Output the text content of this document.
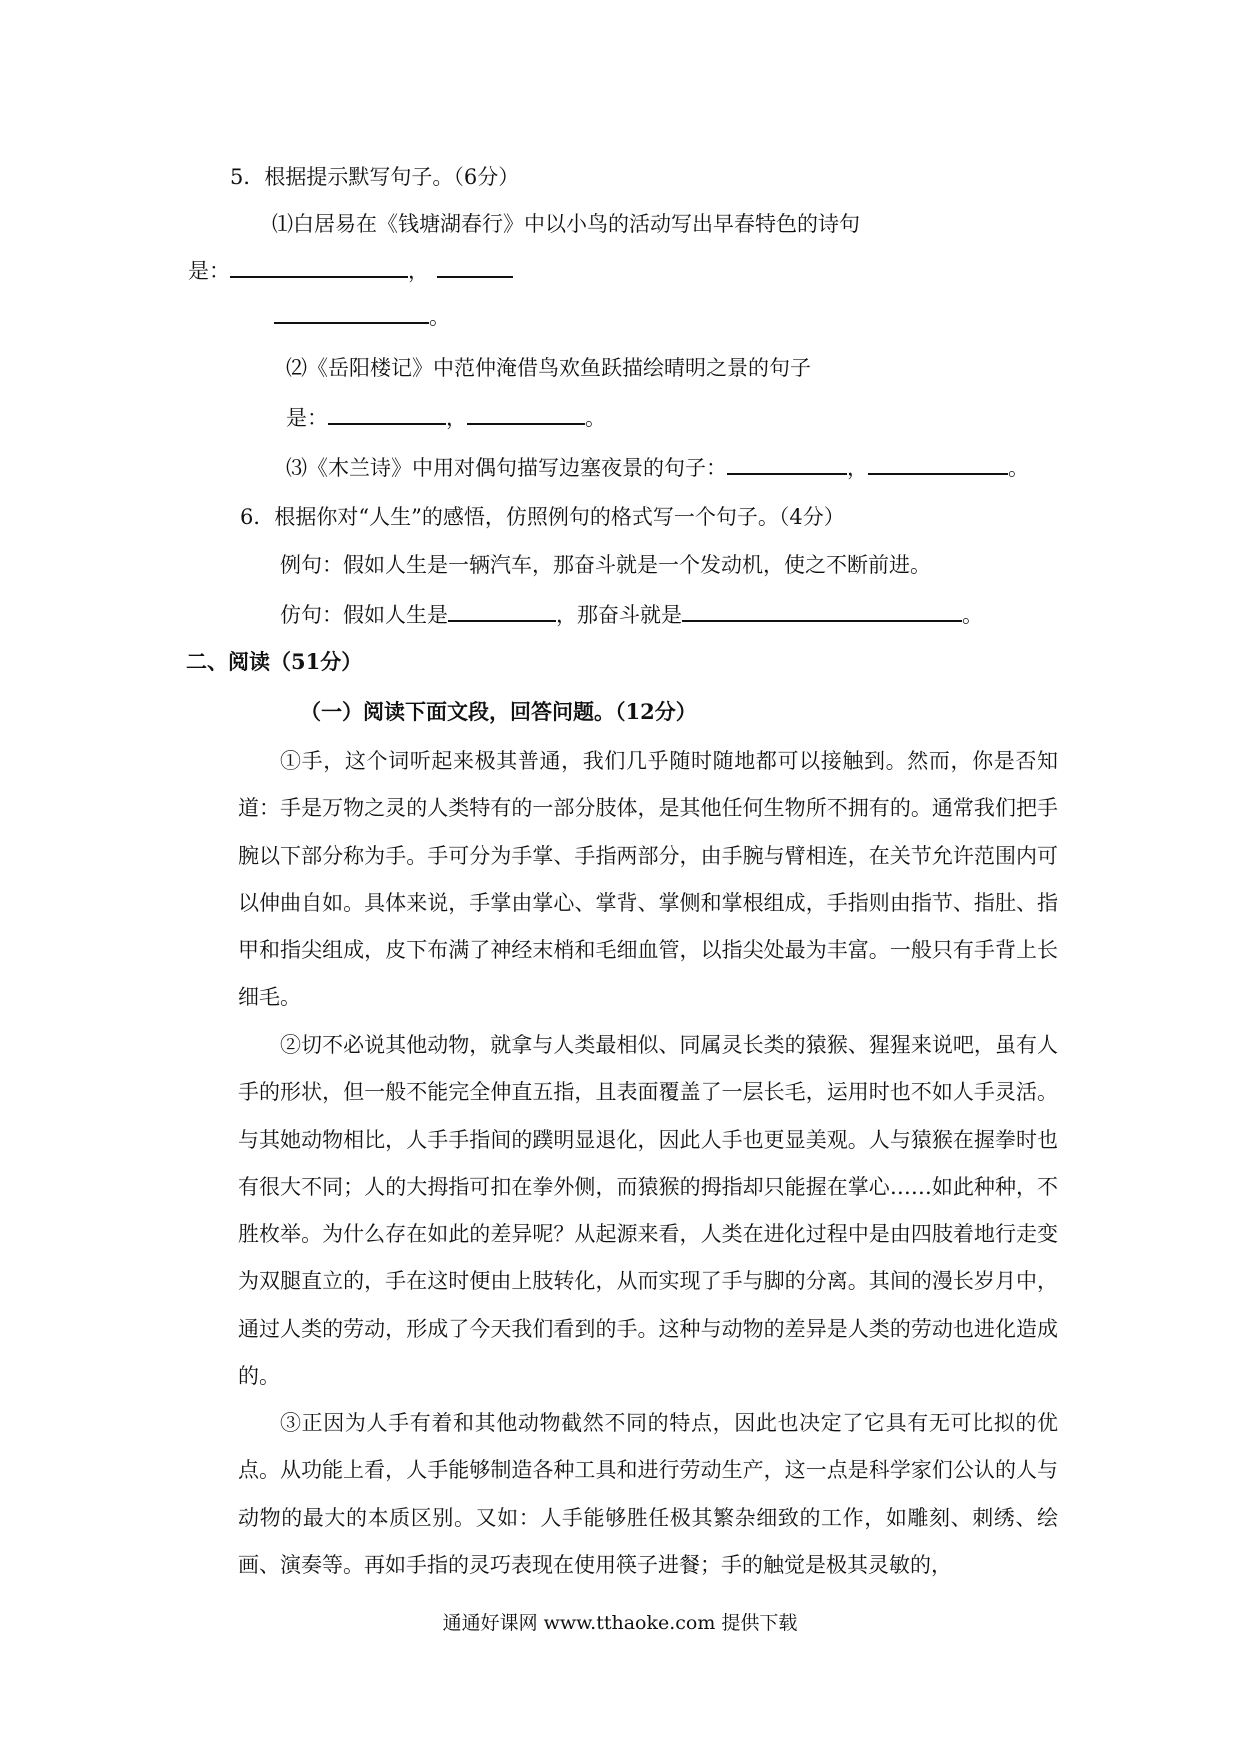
5．根据提示默写句子。（6分）
⑴白居易在《钱塘湖春行》中以小鸟的活动写出早春特色的诗句
是：	，
。
⑵《岳阳楼记》中范仲淹借鸟欢鱼跃描绘晴明之景的句子
是：	，	。
⑶《木兰诗》中用对偶句描写边塞夜景的句子：	，	。
6．根据你对“人生”的感悟，仿照例句的格式写一个句子。（4分）
例句：假如人生是一辆汽车，那奋斗就是一个发动机，使之不断前进。
仿句：假如人生是	，那奋斗就是	。
二、阅读（51分）
（一）阅读下面文段，回答问题。（12分）

①手，这个词听起来极其普通，我们几乎随时随地都可以接触到。然而，你是否知道：手是万物之灵的人类特有的一部分肢体，是其他任何生物所不拥有的。通常我们把手腕以下部分称为手。手可分为手掌、手指两部分，由手腕与臂相连，在关节允许范围内可以伸曲自如。具体来说，手掌由掌心、掌背、掌侧和掌根组成，手指则由指节、指肚、指甲和指尖组成，皮下布满了神经末梢和毛细血管，以指尖处最为丰富。一般只有手背上长细毛。

②切不必说其他动物，就拿与人类最相似、同属灵长类的猿猴、猩猩来说吧，虽有人手的形状，但一般不能完全伸直五指，且表面覆盖了一层长毛，运用时也不如人手灵活。与其她动物相比，人手手指间的蹼明显退化，因此人手也更显美观。人与猿猴在握拳时也有很大不同；人的大拇指可扣在拳外侧，而猿猴的拇指却只能握在掌心……如此种种，不胜枚举。为什么存在如此的差异呢？从起源来看，人类在进化过程中是由四肢着地行走变为双腿直立的，手在这时便由上肢转化，从而实现了手与脚的分离。其间的漫长岁月中，通过人类的劳动，形成了今天我们看到的手。这种与动物的差异是人类的劳动也进化造成的。

③正因为人手有着和其他动物截然不同的特点，因此也决定了它具有无可比拟的优点。从功能上看，人手能够制造各种工具和进行劳动生产，这一点是科学家们公认的人与动物的最大的本质区别。又如：人手能够胜任极其繁杂细致的工作，如雕刻、刺绣、绘画、演奏等。再如手指的灵巧表现在使用筷子进餐；手的触觉是极其灵敏的，

通通好课网 www.tthaoke.com 提供下载
